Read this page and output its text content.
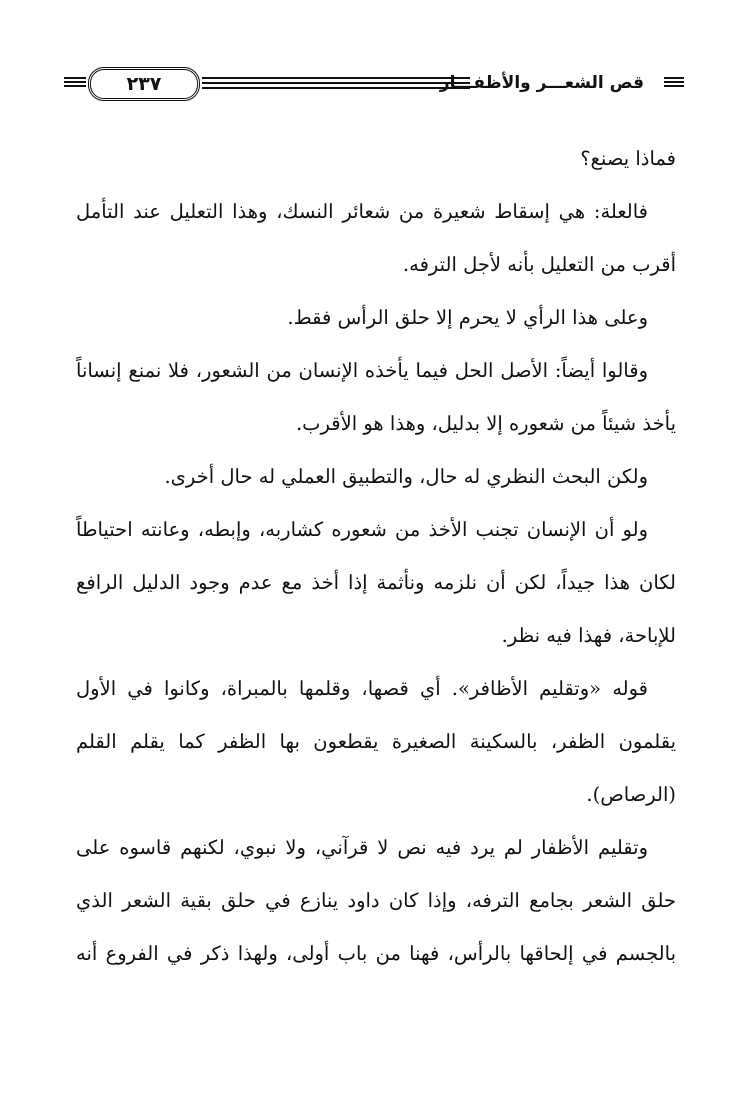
٢٣٧	قص الشعـــر والأظفـــار

فماذا يصنع؟

فالعلة: هي إسقاط شعيرة من شعائر النسك، وهذا التعليل عند التأمل أقرب من التعليل بأنه لأجل الترفه.

وعلى هذا الرأي لا يحرم إلا حلق الرأس فقط.

وقالوا أيضاً: الأصل الحل فيما يأخذه الإنسان من الشعور، فلا نمنع إنساناً يأخذ شيئاً من شعوره إلا بدليل، وهذا هو الأقرب.

ولكن البحث النظري له حال، والتطبيق العملي له حال أخرى.

ولو أن الإنسان تجنب الأخذ من شعوره كشاربه، وإبطه، وعانته احتياطاً لكان هذا جيداً، لكن أن نلزمه ونأثمة إذا أخذ مع عدم وجود الدليل الرافع للإباحة، فهذا فيه نظر.

قوله «وتقليم الأظافر». أي قصها، وقلمها بالمبراة، وكانوا في الأول يقلمون الظفر، بالسكينة الصغيرة يقطعون بها الظفر كما يقلم القلم (الرصاص).

وتقليم الأظفار لم يرد فيه نص لا قرآني، ولا نبوي، لكنهم قاسوه على حلق الشعر بجامع الترفه، وإذا كان داود ينازع في حلق بقية الشعر الذي بالجسم في إلحاقها بالرأس، فهنا من باب أولى، ولهذا ذكر في الفروع أنه
